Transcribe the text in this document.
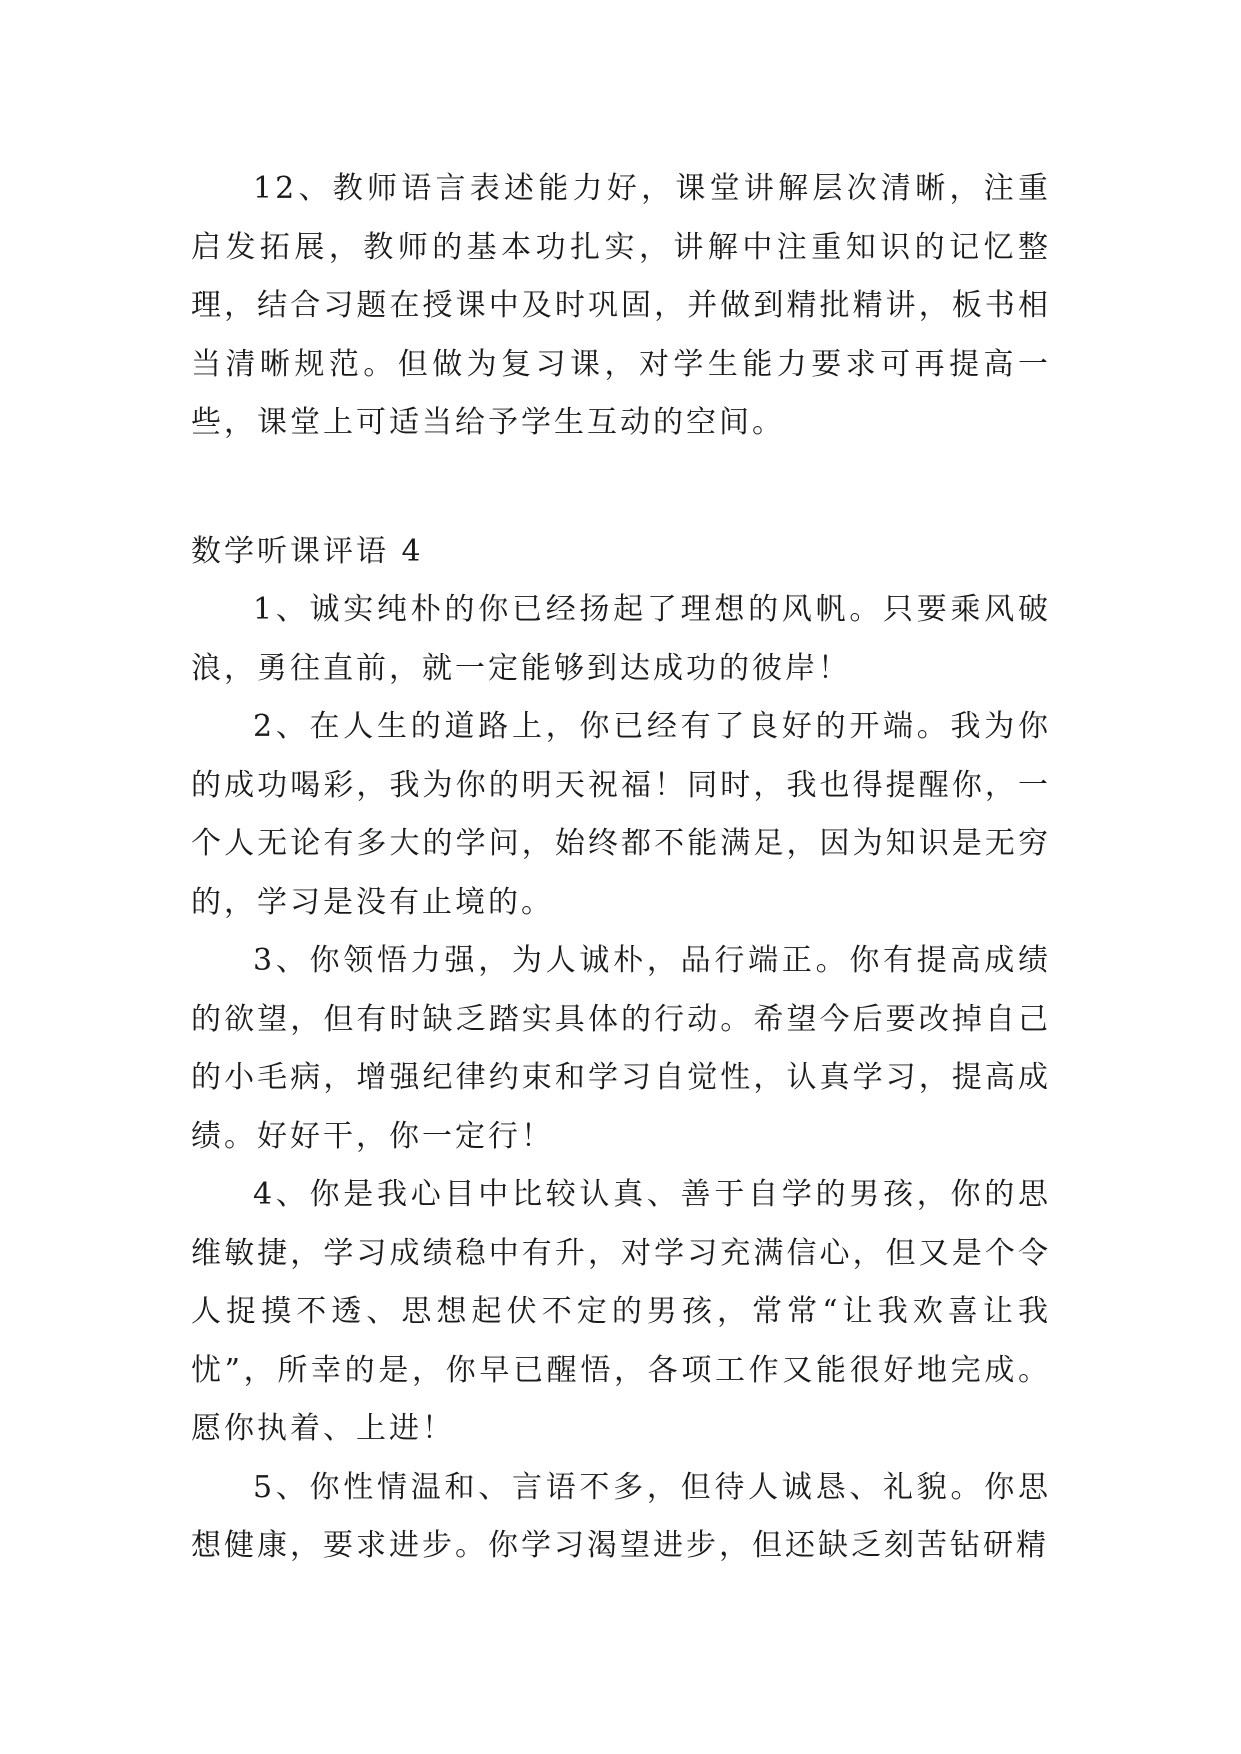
12、教师语言表述能力好，课堂讲解层次清晰，注重启发拓展，教师的基本功扎实，讲解中注重知识的记忆整理，结合习题在授课中及时巩固，并做到精批精讲，板书相当清晰规范。但做为复习课，对学生能力要求可再提高一些，课堂上可适当给予学生互动的空间。

数学听课评语 4

1、诚实纯朴的你已经扬起了理想的风帆。只要乘风破浪，勇往直前，就一定能够到达成功的彼岸！

2、在人生的道路上，你已经有了良好的开端。我为你的成功喝彩，我为你的明天祝福！同时，我也得提醒你，一个人无论有多大的学问，始终都不能满足，因为知识是无穷的，学习是没有止境的。

3、你领悟力强，为人诚朴，品行端正。你有提高成绩的欲望，但有时缺乏踏实具体的行动。希望今后要改掉自己的小毛病，增强纪律约束和学习自觉性，认真学习，提高成绩。好好干，你一定行！

4、你是我心目中比较认真、善于自学的男孩，你的思维敏捷，学习成绩稳中有升，对学习充满信心，但又是个令人捉摸不透、思想起伏不定的男孩，常常“让我欢喜让我忧”，所幸的是，你早已醒悟，各项工作又能很好地完成。愿你执着、上进！

5、你性情温和、言语不多，但待人诚恳、礼貌。你思想健康，要求进步。你学习渴望进步，但还缺乏刻苦钻研精
